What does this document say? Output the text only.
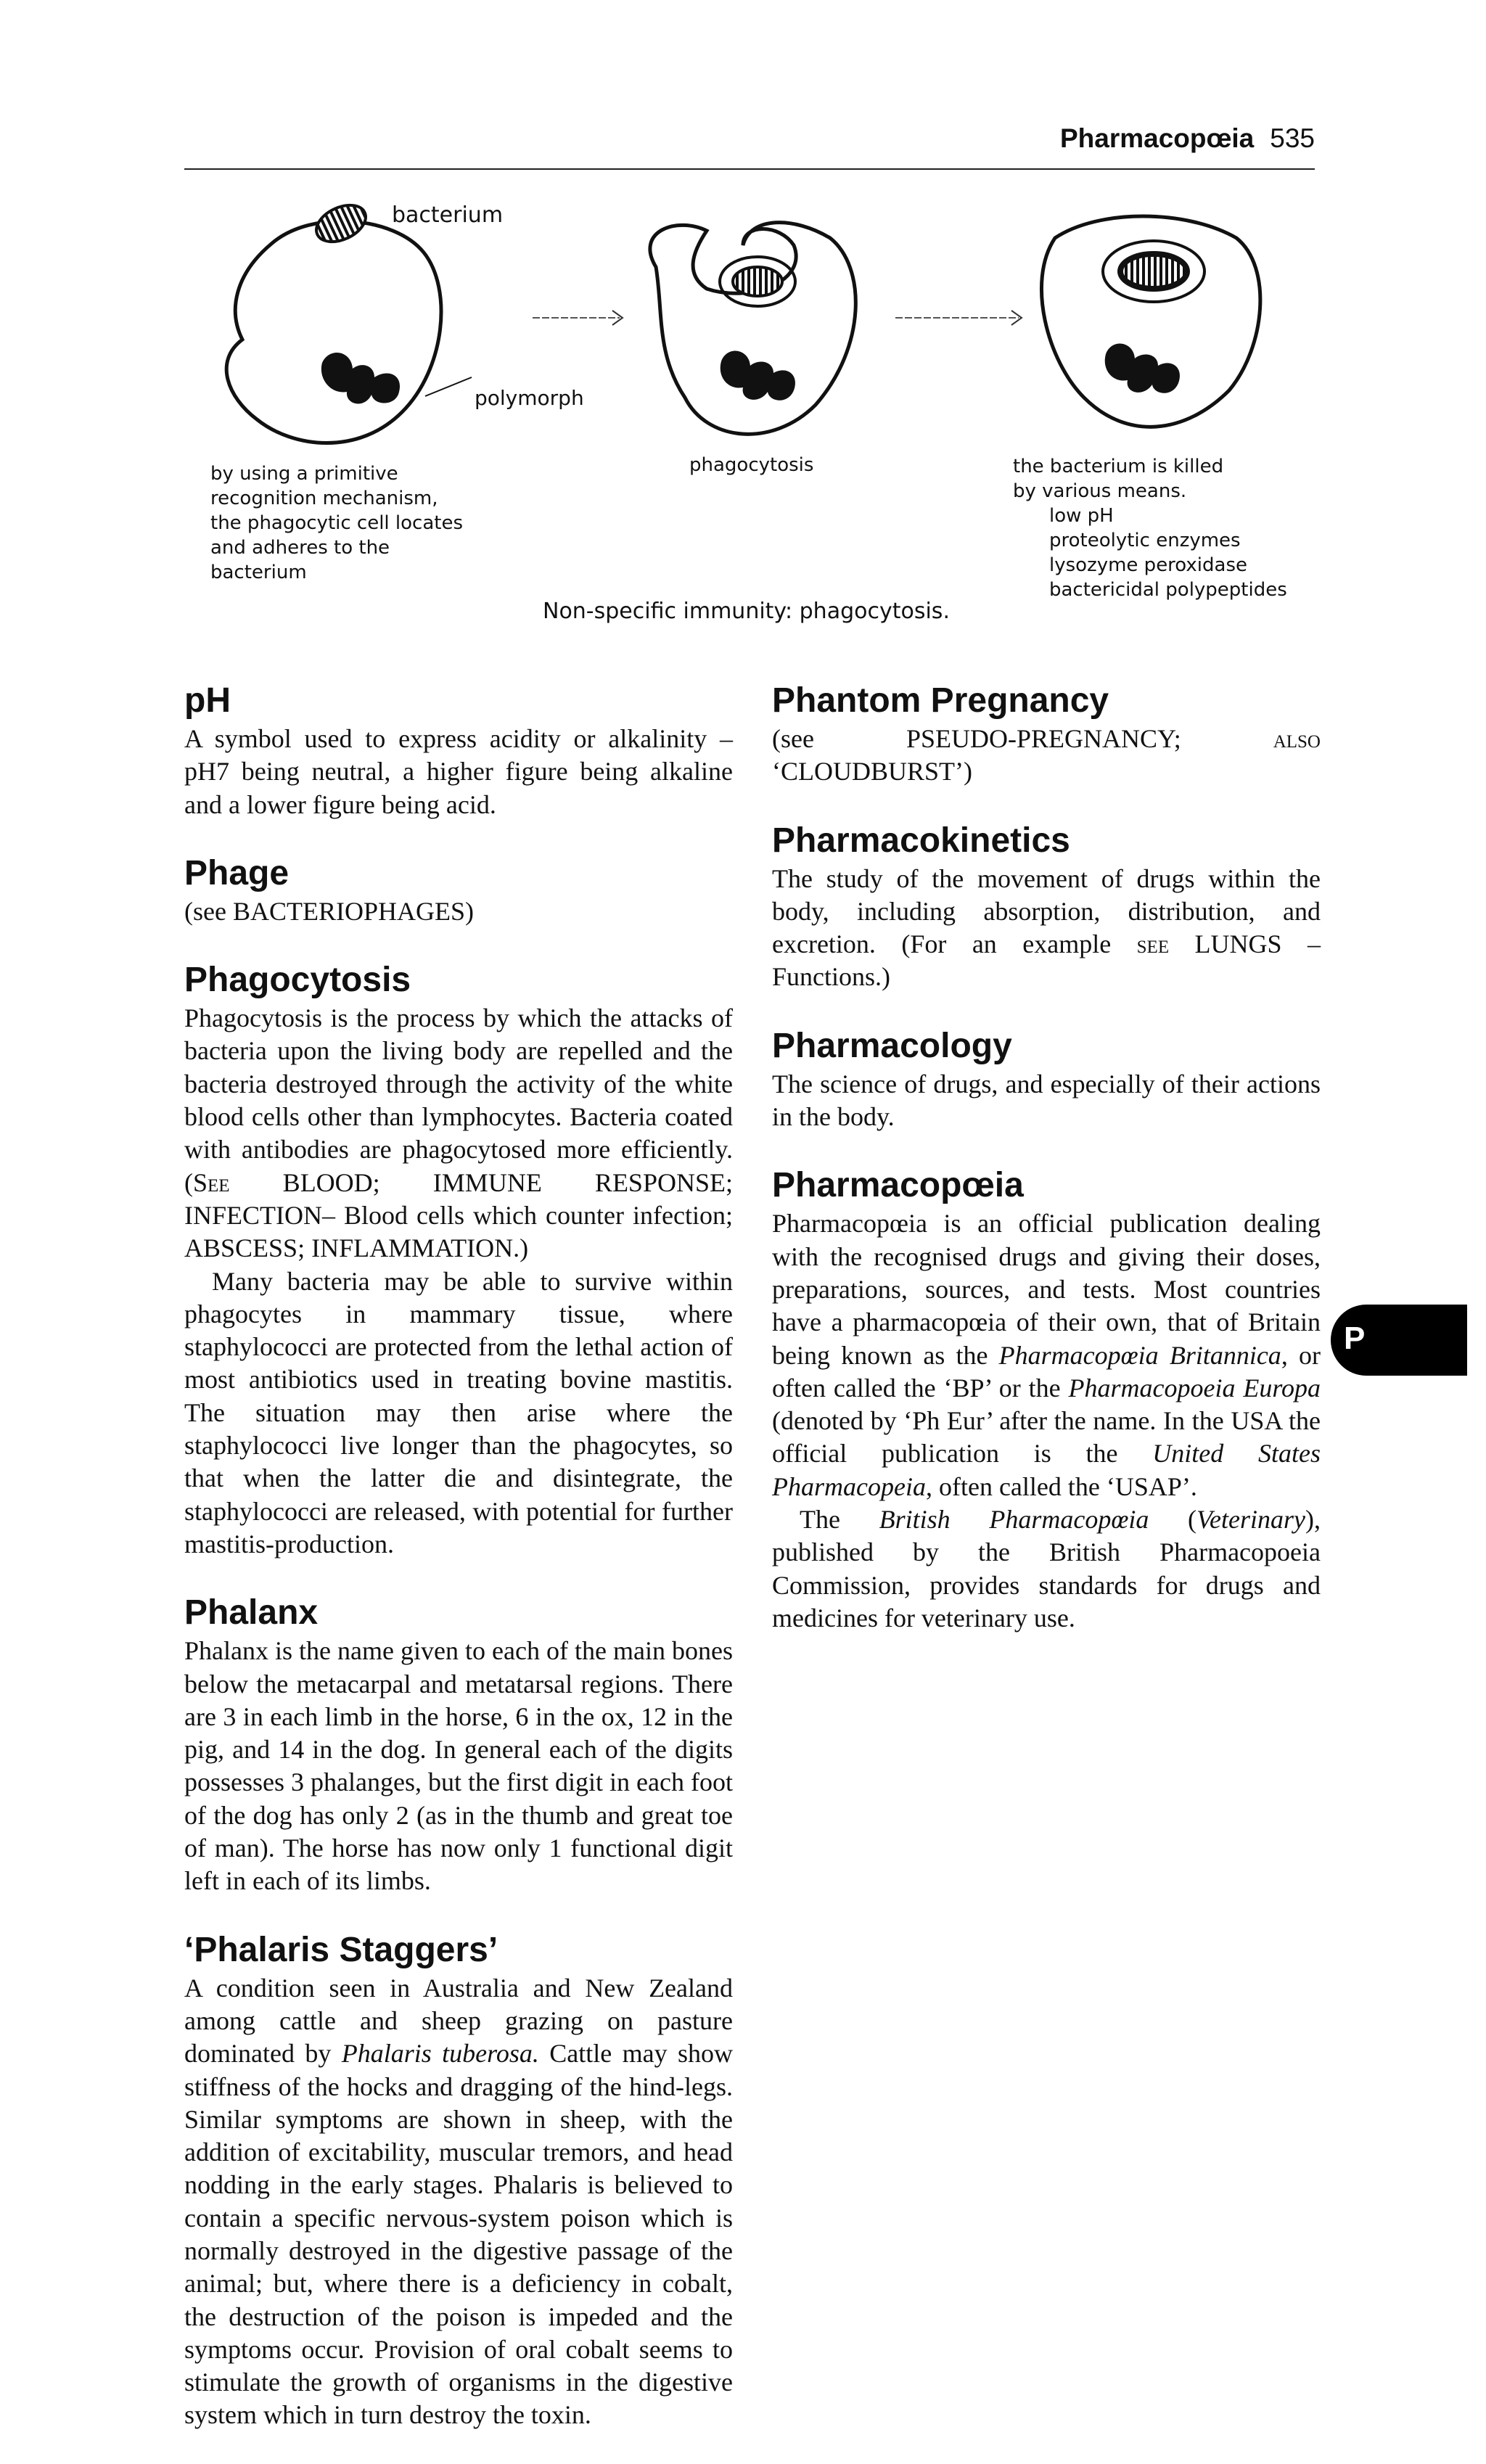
Pharmacopœia 535
bacterium
polymorph
by using a primitive
recognition mechanism,
the phagocytic cell locates
and adheres to the
bacterium
phagocytosis	the bacterium is killed
by various means.
low pH
proteolytic enzymes
lysozyme peroxidase
bactericidal polypeptides
Non-specific immunity: phagocytosis.
pH

A symbol used to express acidity or alkalinity – pH7 being neutral, a higher figure being alkaline and a lower figure being acid.

Phage

(see BACTERIOPHAGES)

Phagocytosis

Phagocytosis is the process by which the attacks of bacteria upon the living body are repelled and the bacteria destroyed through the activity of the white blood cells other than lymphocytes. Bacteria coated with antibodies are phagocytosed more efficiently. (See BLOOD; IMMUNE RESPONSE; INFECTION– Blood cells which counter infection; ABSCESS; INFLAMMATION.)

Many bacteria may be able to survive within phagocytes in mammary tissue, where staphylococci are protected from the lethal action of most antibiotics used in treating bovine mastitis. The situation may then arise where the staphylococci live longer than the phagocytes, so that when the latter die and disintegrate, the staphylococci are released, with potential for further mastitis-production.

Phalanx

Phalanx is the name given to each of the main bones below the metacarpal and metatarsal regions. There are 3 in each limb in the horse, 6 in the ox, 12 in the pig, and 14 in the dog. In general each of the digits possesses 3 phalanges, but the first digit in each foot of the dog has only 2 (as in the thumb and great toe of man). The horse has now only 1 functional digit left in each of its limbs.

‘Phalaris Staggers’

A condition seen in Australia and New Zealand among cattle and sheep grazing on pasture dominated by Phalaris tuberosa. Cattle may show stiffness of the hocks and dragging of the hind-legs. Similar symptoms are shown in sheep, with the addition of excitability, muscular tremors, and head nodding in the early stages. Phalaris is believed to contain a specific nervous-system poison which is normally destroyed in the digestive passage of the animal; but, where there is a deficiency in cobalt, the destruction of the poison is impeded and the symptoms occur. Provision of oral cobalt seems to stimulate the growth of organisms in the digestive system which in turn destroy the toxin.

Phantom Pregnancy

(see PSEUDO-PREGNANCY; also ‘CLOUDBURST’)

Pharmacokinetics

The study of the movement of drugs within the body, including absorption, distribution, and excretion. (For an example see LUNGS – Functions.)

Pharmacology

The science of drugs, and especially of their actions in the body.

Pharmacopœia

Pharmacopœia is an official publication dealing with the recognised drugs and giving their doses, preparations, sources, and tests. Most countries have a pharmacopœia of their own, that of Britain being known as the Pharmacopœia Britannica, or often called the ‘BP’ or the Pharmacopoeia Europa (denoted by ‘Ph Eur’ after the name. In the USA the official publication is the United States Pharmacopeia, often called the ‘USAP’.

The British Pharmacopœia (Veterinary), published by the British Pharmacopoeia Commission, provides standards for drugs and medicines for veterinary use.

P
